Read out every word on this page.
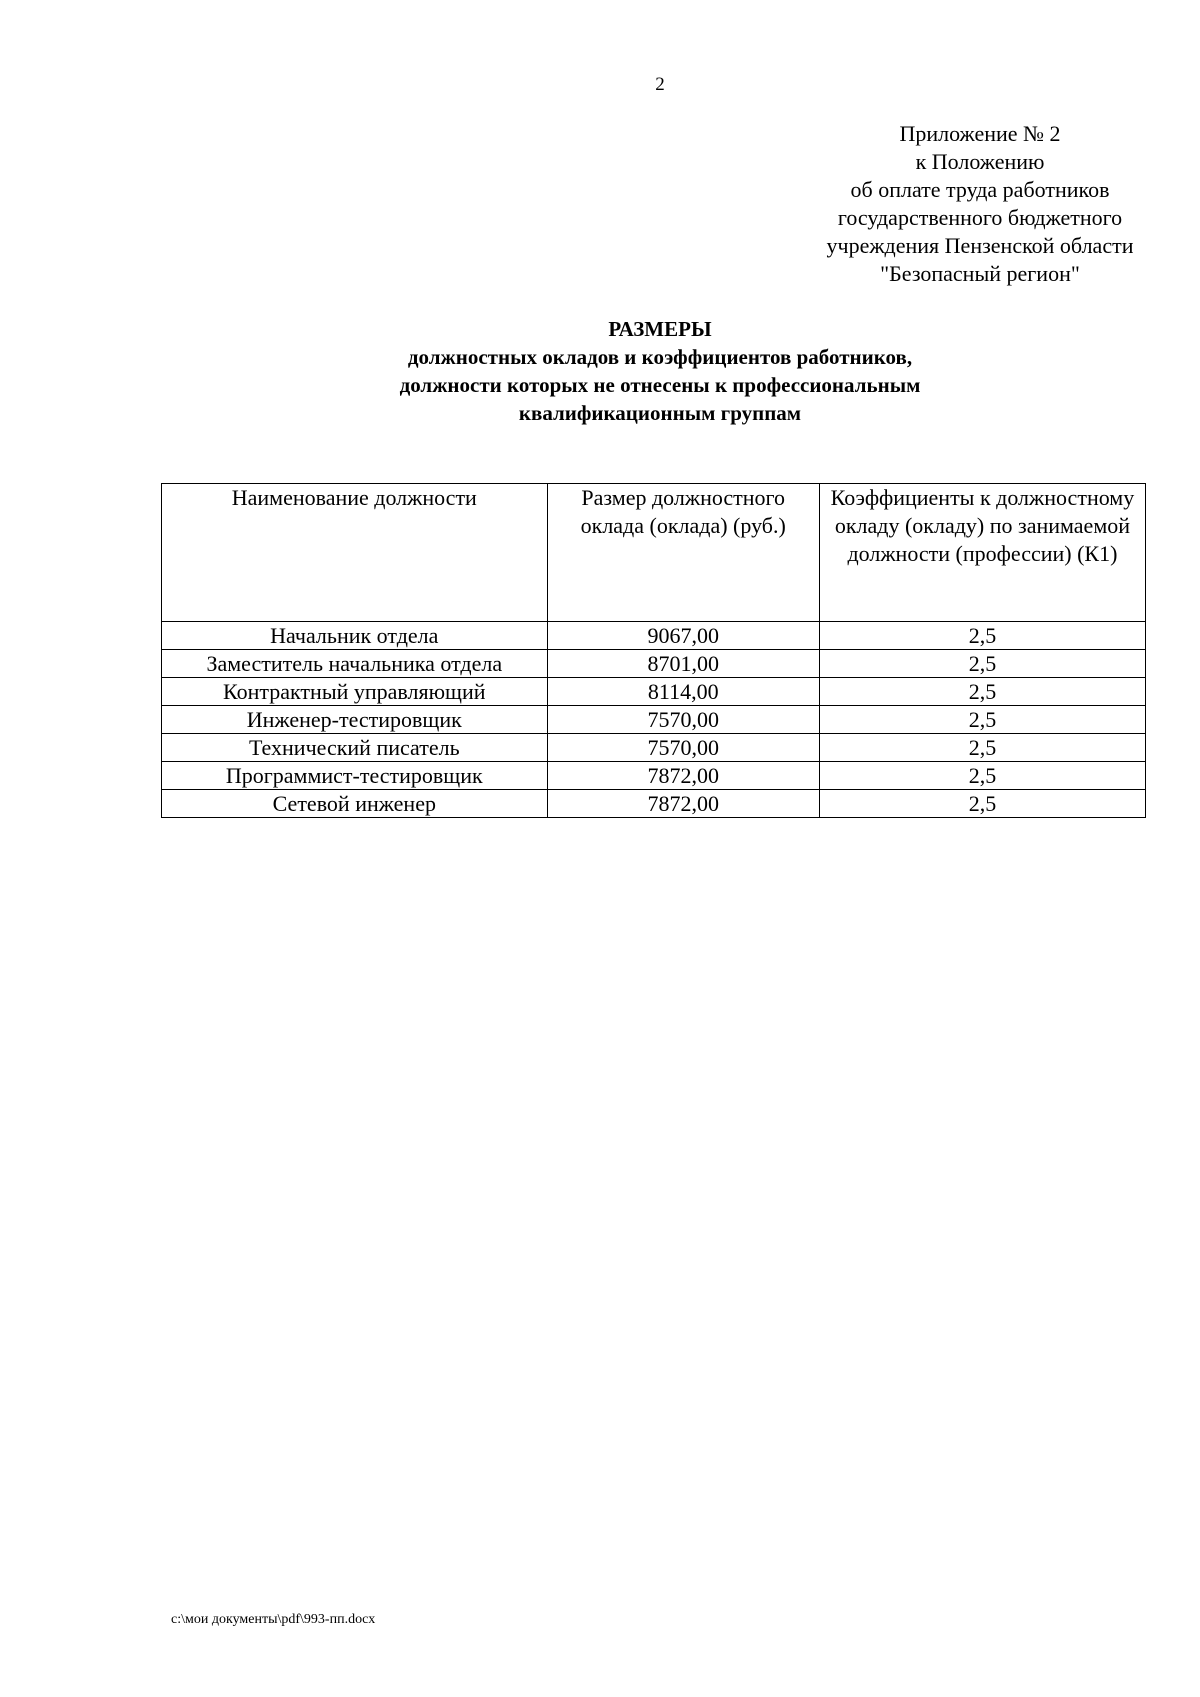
2
Приложение № 2
к Положению
об оплате труда работников
государственного бюджетного
учреждения Пензенской области
"Безопасный регион"
РАЗМЕРЫ
должностных окладов и коэффициентов работников,
должности которых не отнесены к профессиональным
квалификационным группам
Наименование должности	Размер должностного оклада (оклада) (руб.)	Коэффициенты к должностному окладу (окладу) по занимаемой должности (профессии) (К1)
Начальник отдела	9067,00	2,5
Заместитель начальника отдела	8701,00	2,5
Контрактный управляющий	8114,00	2,5
Инженер-тестировщик	7570,00	2,5
Технический писатель	7570,00	2,5
Программист-тестировщик	7872,00	2,5
Сетевой инженер	7872,00	2,5
c:\мои документы\pdf\993-пп.docx
